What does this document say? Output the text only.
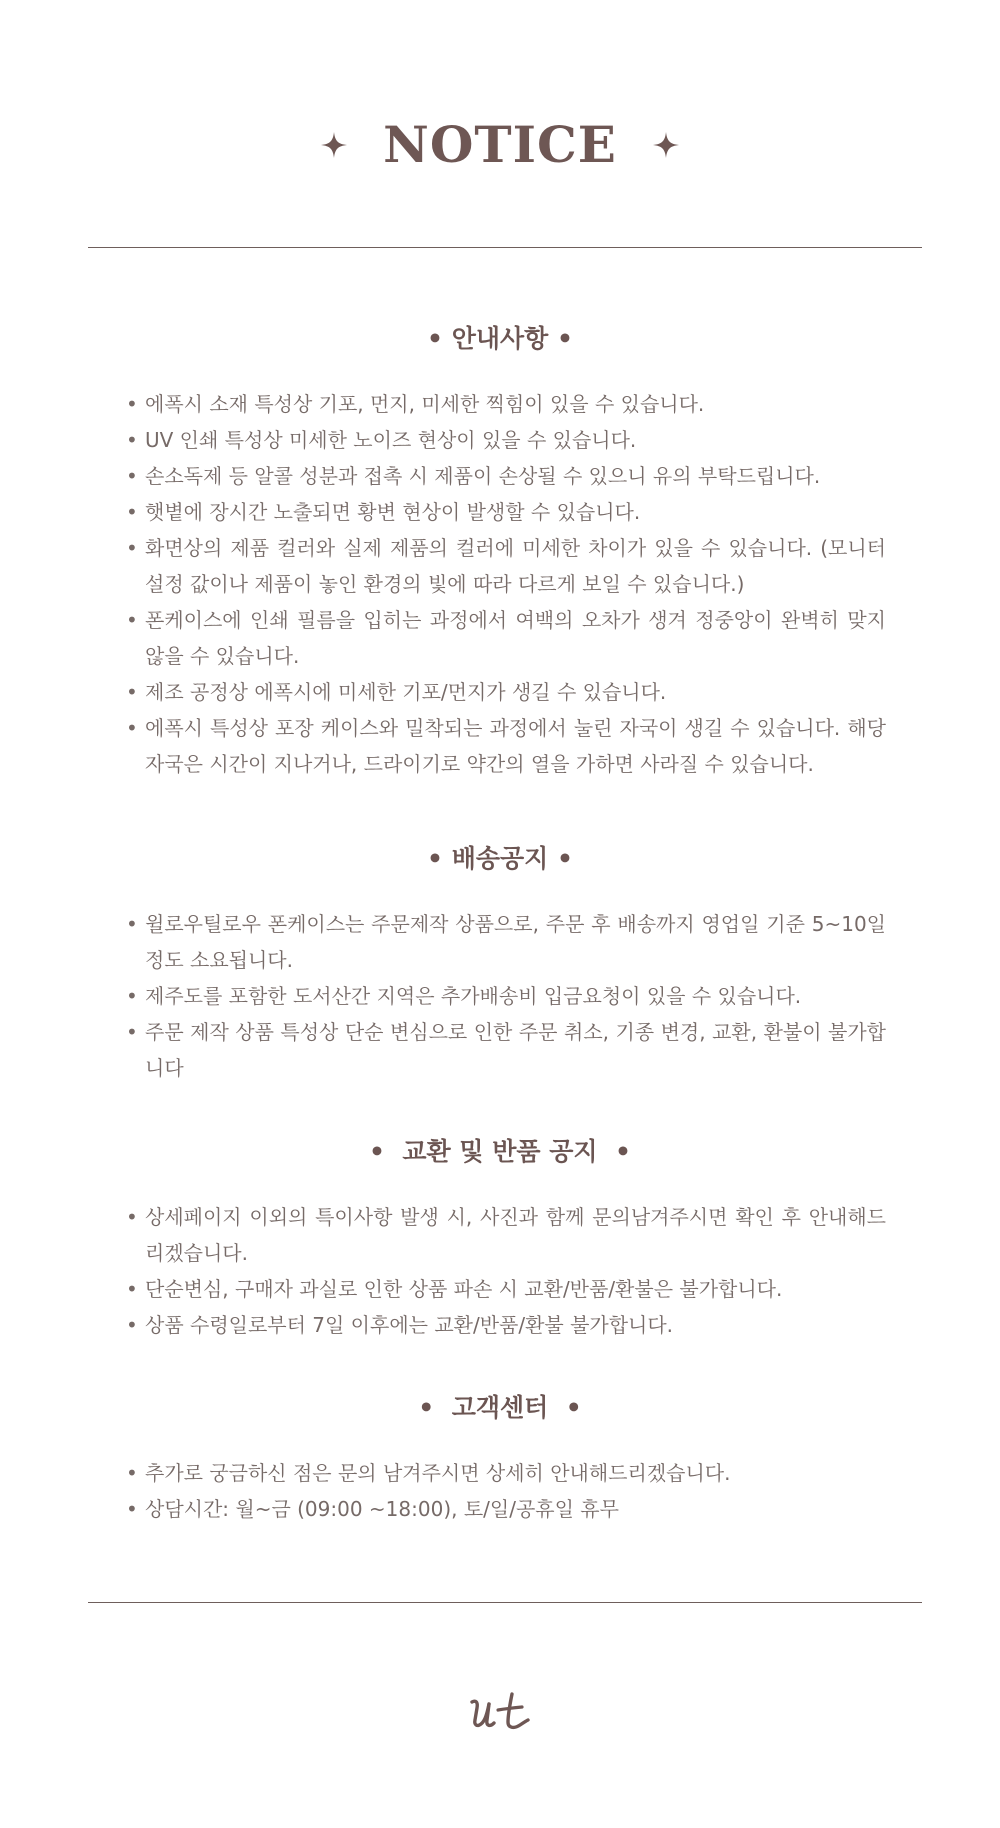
NOTICE
• 안내사항 •
• 에폭시 소재 특성상 기포, 먼지, 미세한 찍힘이 있을 수 있습니다.
• UV 인쇄 특성상 미세한 노이즈 현상이 있을 수 있습니다.
• 손소독제 등 알콜 성분과 접촉 시 제품이 손상될 수 있으니 유의 부탁드립니다.
• 햇볕에 장시간 노출되면 황변 현상이 발생할 수 있습니다.
• 화면상의 제품 컬러와 실제 제품의 컬러에 미세한 차이가 있을 수 있습니다. (모니터 설정 값이나 제품이 놓인 환경의 빛에 따라 다르게 보일 수 있습니다.)
• 폰케이스에 인쇄 필름을 입히는 과정에서 여백의 오차가 생겨 정중앙이 완벽히 맞지 않을 수 있습니다.
• 제조 공정상 에폭시에 미세한 기포/먼지가 생길 수 있습니다.
• 에폭시 특성상 포장 케이스와 밀착되는 과정에서 눌린 자국이 생길 수 있습니다. 해당 자국은 시간이 지나거나, 드라이기로 약간의 열을 가하면 사라질 수 있습니다.
• 배송공지 •
• 윌로우틸로우 폰케이스는 주문제작 상품으로, 주문 후 배송까지 영업일 기준 5~10일 정도 소요됩니다.
• 제주도를 포함한 도서산간 지역은 추가배송비 입금요청이 있을 수 있습니다.
• 주문 제작 상품 특성상 단순 변심으로 인한 주문 취소, 기종 변경, 교환, 환불이 불가합니다
• 교환 및 반품 공지 •
• 상세페이지 이외의 특이사항 발생 시, 사진과 함께 문의남겨주시면 확인 후 안내해드리겠습니다.
• 단순변심, 구매자 과실로 인한 상품 파손 시 교환/반품/환불은 불가합니다.
• 상품 수령일로부터 7일 이후에는 교환/반품/환불 불가합니다.
• 고객센터 •
• 추가로 궁금하신 점은 문의 남겨주시면 상세히 안내해드리겠습니다.
• 상담시간: 월~금 (09:00 ~18:00), 토/일/공휴일 휴무
